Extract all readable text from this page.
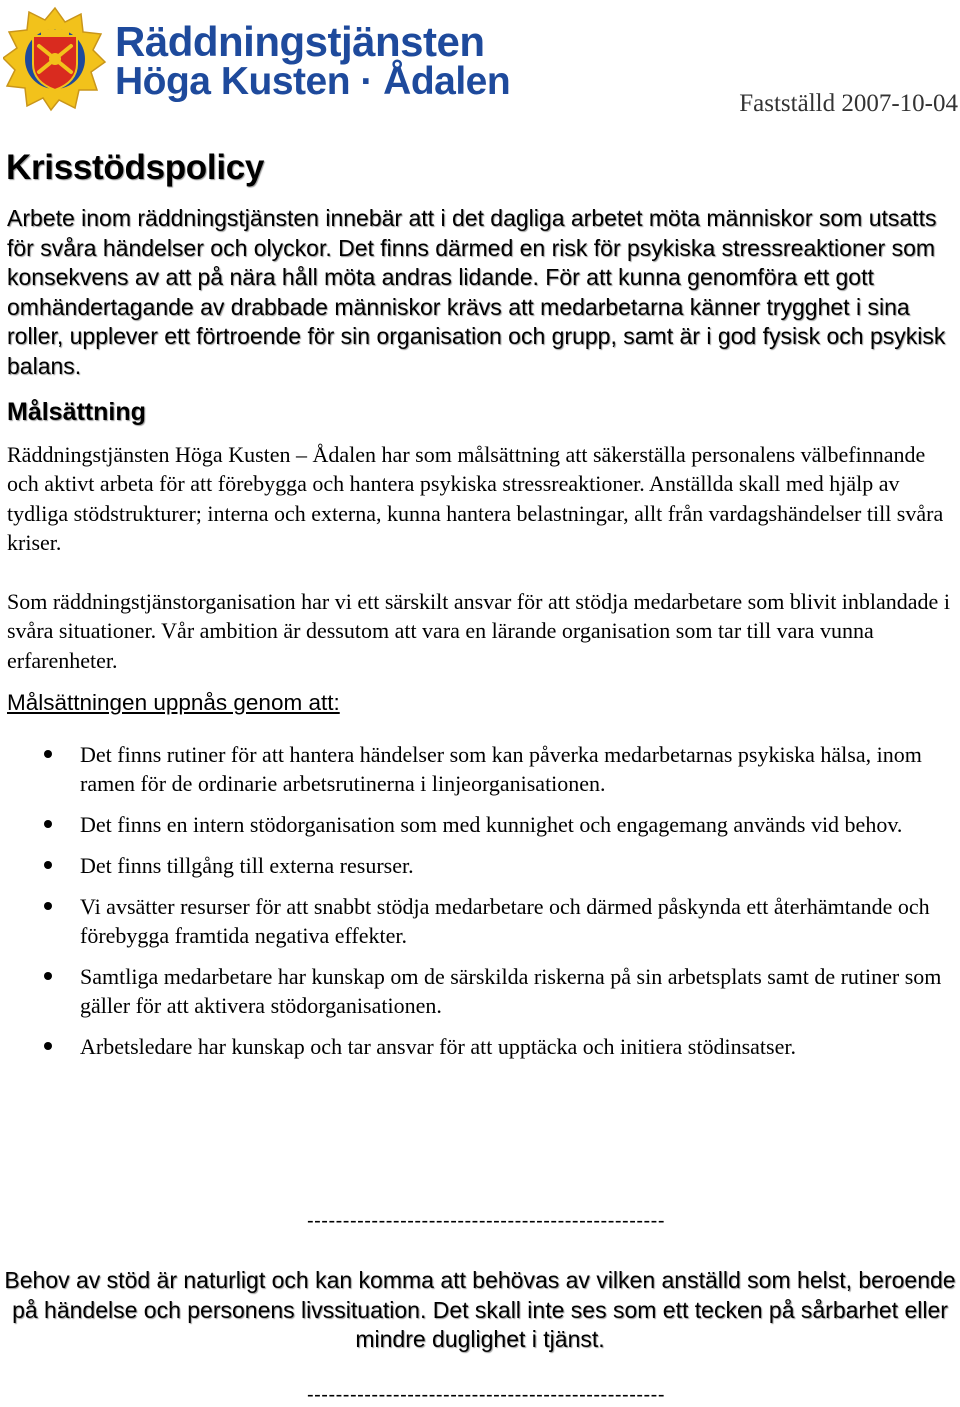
Räddningstjänsten
Höga Kusten · Ådalen
Fastställd 2007-10-04
Krisstödspolicy
Arbete inom räddningstjänsten innebär att i det dagliga arbetet möta människor som utsatts för svåra händelser och olyckor. Det finns därmed en risk för psykiska stressreaktioner som konsekvens av att på nära håll möta andras lidande. För att kunna genomföra ett gott omhändertagande av drabbade människor krävs att medarbetarna känner trygghet i sina roller, upplever ett förtroende för sin organisation och grupp, samt är i god fysisk och psykisk balans.
Målsättning
Räddningstjänsten Höga Kusten – Ådalen har som målsättning att säkerställa personalens välbefinnande och aktivt arbeta för att förebygga och hantera psykiska stressreaktioner. Anställda skall med hjälp av tydliga stödstrukturer; interna och externa, kunna hantera belastningar, allt från vardagshändelser till svåra kriser.
Som räddningstjänstorganisation har vi ett särskilt ansvar för att stödja medarbetare som blivit inblandade i svåra situationer. Vår ambition är dessutom att vara en lärande organisation som tar till vara vunna erfarenheter.
Målsättningen uppnås genom att:
Det finns rutiner för att hantera händelser som kan påverka medarbetarnas psykiska hälsa, inom ramen för de ordinarie arbetsrutinerna i linjeorganisationen.
Det finns en intern stödorganisation som med kunnighet och engagemang används vid behov.
Det finns tillgång till externa resurser.
Vi avsätter resurser för att snabbt stödja medarbetare och därmed påskynda ett återhämtande och förebygga framtida negativa effekter.
Samtliga medarbetare har kunskap om de särskilda riskerna på sin arbetsplats samt de rutiner som gäller för att aktivera stödorganisationen.
Arbetsledare har kunskap och tar ansvar för att upptäcka och initiera stödinsatser.
--------------------------------------------------
Behov av stöd är naturligt och kan komma att behövas av vilken anställd som helst, beroende på händelse och personens livssituation. Det skall inte ses som ett tecken på sårbarhet eller mindre duglighet i tjänst.
--------------------------------------------------
